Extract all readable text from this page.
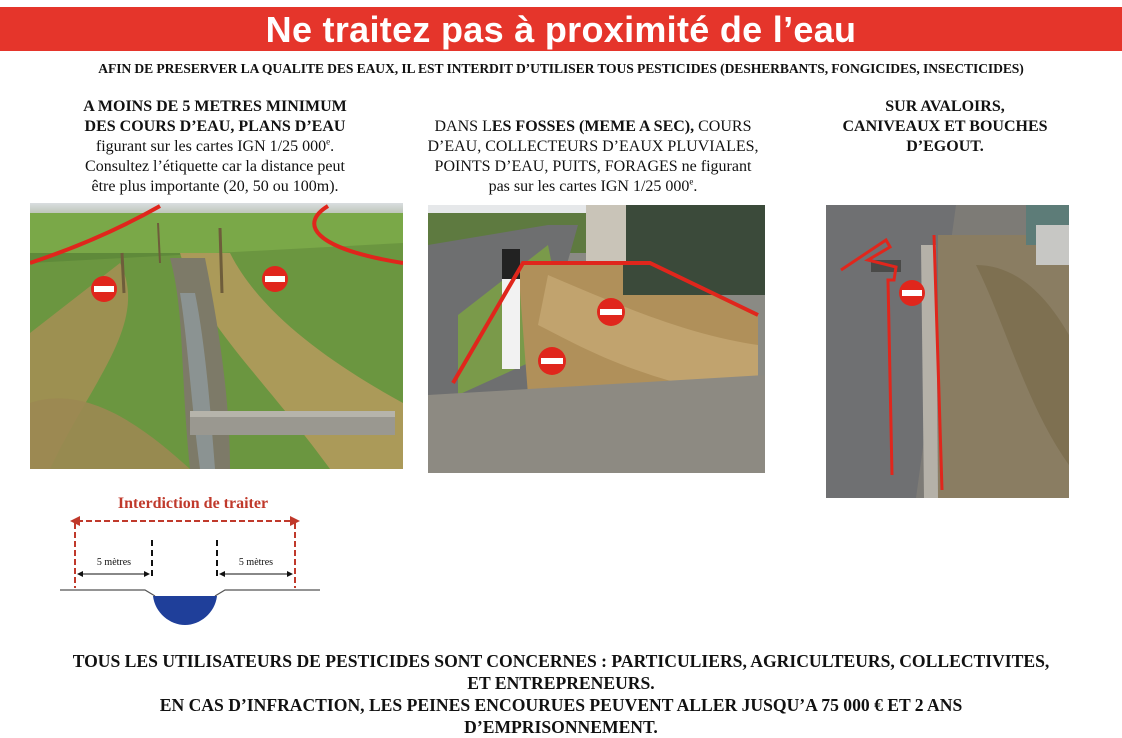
Ne traitez pas à proximité de l’eau
AFIN DE PRESERVER LA QUALITE DES EAUX, IL EST INTERDIT D’UTILISER TOUS PESTICIDES (DESHERBANTS, FONGICIDES, INSECTICIDES)
A MOINS DE 5 METRES MINIMUM
DES COURS D’EAU, PLANS D’EAU
figurant sur les cartes IGN 1/25 000e.
Consultez l’étiquette car la distance peut
être plus importante (20, 50 ou 100m).
DANS LES FOSSES (MEME A SEC), COURS
D’EAU, COLLECTEURS D’EAUX PLUVIALES,
POINTS D’EAU, PUITS, FORAGES ne figurant
pas sur les cartes IGN 1/25 000e.
SUR AVALOIRS,
CANIVEAUX ET BOUCHES
D’EGOUT.
Interdiction de traiter
5 mètres	5 mètres
TOUS LES UTILISATEURS DE PESTICIDES SONT CONCERNES : PARTICULIERS, AGRICULTEURS, COLLECTIVITES,
ET ENTREPRENEURS.
EN CAS D’INFRACTION, LES PEINES ENCOURUES PEUVENT ALLER JUSQU’A 75 000 € ET 2 ANS
D’EMPRISONNEMENT.
